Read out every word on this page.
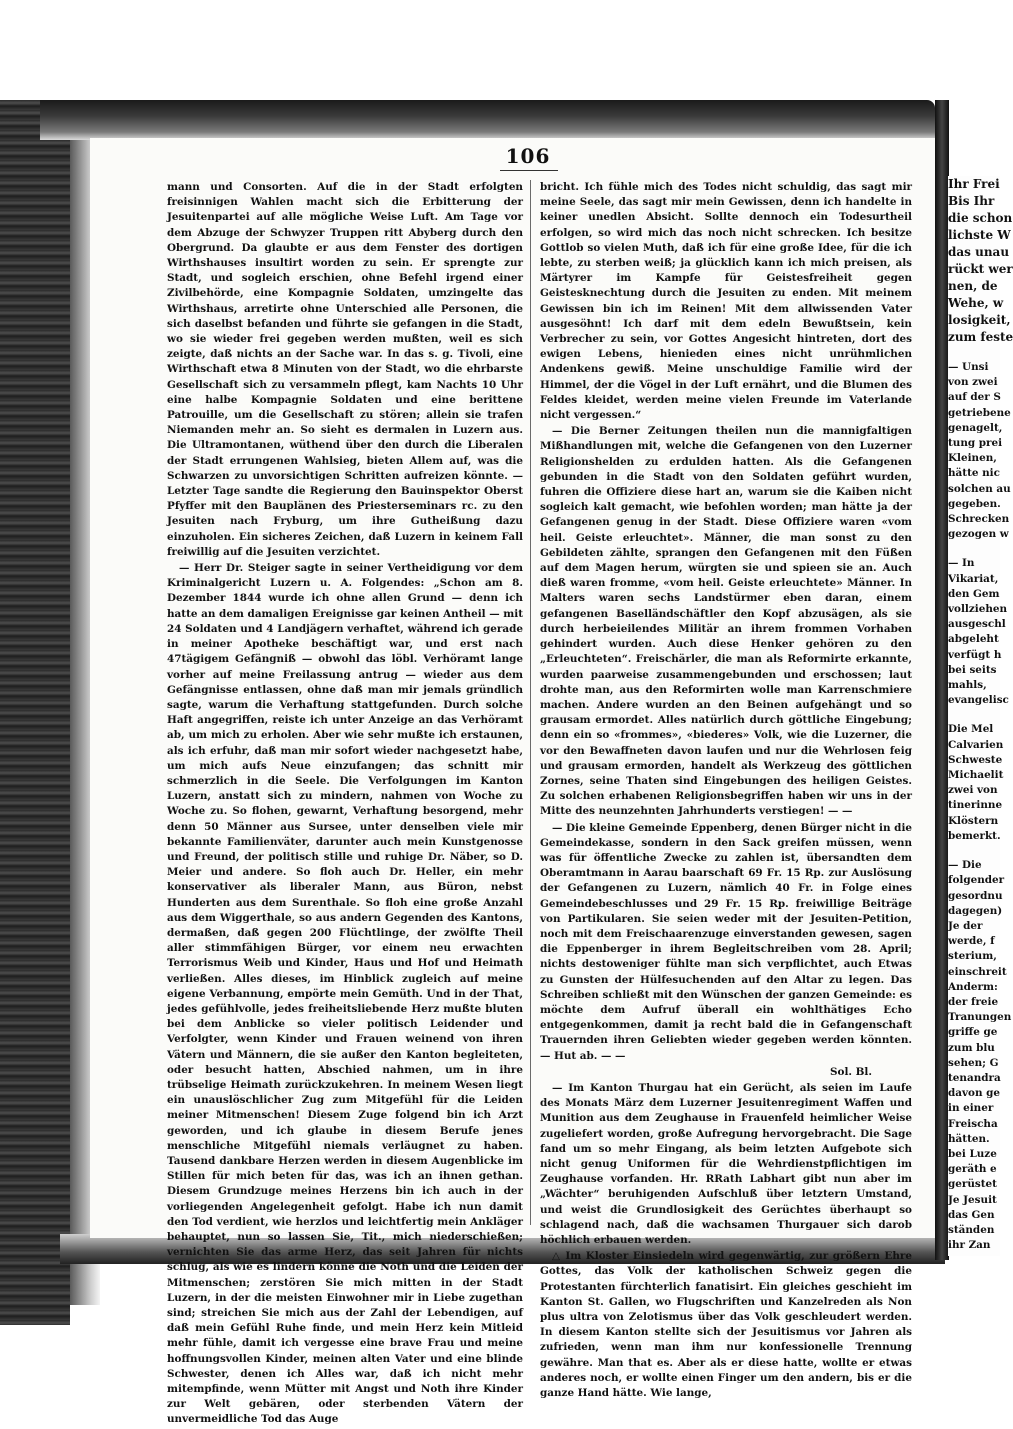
106

mann und Consorten. Auf die in der Stadt erfolgten freisinnigen Wahlen macht sich die Erbitterung der Jesuitenpartei auf alle mögliche Weise Luft. Am Tage vor dem Abzuge der Schwyzer Truppen ritt Abyberg durch den Obergrund. Da glaubte er aus dem Fenster des dortigen Wirthshauses insultirt worden zu sein. Er sprengte zur Stadt, und sogleich erschien, ohne Befehl irgend einer Zivilbehörde, eine Kompagnie Soldaten, umzingelte das Wirthshaus, arretirte ohne Unterschied alle Personen, die sich daselbst befanden und führte sie gefangen in die Stadt, wo sie wieder frei gegeben werden mußten, weil es sich zeigte, daß nichts an der Sache war. In das s. g. Tivoli, eine Wirthschaft etwa 8 Minuten von der Stadt, wo die ehrbarste Gesellschaft sich zu versammeln pflegt, kam Nachts 10 Uhr eine halbe Kompagnie Soldaten und eine berittene Patrouille, um die Gesellschaft zu stören; allein sie trafen Niemanden mehr an. So sieht es dermalen in Luzern aus. Die Ultramontanen, wüthend über den durch die Liberalen der Stadt errungenen Wahlsieg, bieten Allem auf, was die Schwarzen zu unvorsichtigen Schritten aufreizen könnte. — Letzter Tage sandte die Regierung den Bauinspektor Oberst Pfyffer mit den Bauplänen des Priesterseminars rc. zu den Jesuiten nach Fryburg, um ihre Gutheißung dazu einzuholen. Ein sicheres Zeichen, daß Luzern in keinem Fall freiwillig auf die Jesuiten verzichtet.

— Herr Dr. Steiger sagte in seiner Vertheidigung vor dem Kriminalgericht Luzern u. A. Folgendes: „Schon am 8. Dezember 1844 wurde ich ohne allen Grund — denn ich hatte an dem damaligen Ereignisse gar keinen Antheil — mit 24 Soldaten und 4 Landjägern verhaftet, während ich gerade in meiner Apotheke beschäftigt war, und erst nach 47tägigem Gefängniß — obwohl das löbl. Verhöramt lange vorher auf meine Freilassung antrug — wieder aus dem Gefängnisse entlassen, ohne daß man mir jemals gründlich sagte, warum die Verhaftung stattgefunden. Durch solche Haft angegriffen, reiste ich unter Anzeige an das Verhöramt ab, um mich zu erholen. Aber wie sehr mußte ich erstaunen, als ich erfuhr, daß man mir sofort wieder nachgesetzt habe, um mich aufs Neue einzufangen; das schnitt mir schmerzlich in die Seele. Die Verfolgungen im Kanton Luzern, anstatt sich zu mindern, nahmen von Woche zu Woche zu. So flohen, gewarnt, Verhaftung besorgend, mehr denn 50 Männer aus Sursee, unter denselben viele mir bekannte Familienväter, darunter auch mein Kunstgenosse und Freund, der politisch stille und ruhige Dr. Näber, so D. Meier und andere. So floh auch Dr. Heller, ein mehr konservativer als liberaler Mann, aus Büron, nebst Hunderten aus dem Surenthale. So floh eine große Anzahl aus dem Wiggerthale, so aus andern Gegenden des Kantons, dermaßen, daß gegen 200 Flüchtlinge, der zwölfte Theil aller stimmfähigen Bürger, vor einem neu erwachten Terrorismus Weib und Kinder, Haus und Hof und Heimath verließen. Alles dieses, im Hinblick zugleich auf meine eigene Verbannung, empörte mein Gemüth. Und in der That, jedes gefühlvolle, jedes freiheitsliebende Herz mußte bluten bei dem Anblicke so vieler politisch Leidender und Verfolgter, wenn Kinder und Frauen weinend von ihren Vätern und Männern, die sie außer den Kanton begleiteten, oder besucht hatten, Abschied nahmen, um in ihre trübselige Heimath zurückzukehren. In meinem Wesen liegt ein unauslöschlicher Zug zum Mitgefühl für die Leiden meiner Mitmenschen! Diesem Zuge folgend bin ich Arzt geworden, und ich glaube in diesem Berufe jenes menschliche Mitgefühl niemals verläugnet zu haben. Tausend dankbare Herzen werden in diesem Augenblicke im Stillen für mich beten für das, was ich an ihnen gethan. Diesem Grundzuge meines Herzens bin ich auch in der vorliegenden Angelegenheit gefolgt. Habe ich nun damit den Tod verdient, wie herzlos und leichtfertig mein Ankläger behauptet, nun so lassen Sie, Tit., mich niederschießen; vernichten Sie das arme Herz, das seit Jahren für nichts schlug, als wie es lindern könne die Noth und die Leiden der Mitmenschen; zerstören Sie mich mitten in der Stadt Luzern, in der die meisten Einwohner mir in Liebe zugethan sind; streichen Sie mich aus der Zahl der Lebendigen, auf daß mein Gefühl Ruhe finde, und mein Herz kein Mitleid mehr fühle, damit ich vergesse eine brave Frau und meine hoffnungsvollen Kinder, meinen alten Vater und eine blinde Schwester, denen ich Alles war, daß ich nicht mehr mitempfinde, wenn Mütter mit Angst und Noth ihre Kinder zur Welt gebären, oder sterbenden Vätern der unvermeidliche Tod das Auge

bricht. Ich fühle mich des Todes nicht schuldig, das sagt mir meine Seele, das sagt mir mein Gewissen, denn ich handelte in keiner unedlen Absicht. Sollte dennoch ein Todesurtheil erfolgen, so wird mich das noch nicht schrecken. Ich besitze Gottlob so vielen Muth, daß ich für eine große Idee, für die ich lebte, zu sterben weiß; ja glücklich kann ich mich preisen, als Märtyrer im Kampfe für Geistesfreiheit gegen Geistesknechtung durch die Jesuiten zu enden. Mit meinem Gewissen bin ich im Reinen! Mit dem allwissenden Vater ausgesöhnt! Ich darf mit dem edeln Bewußtsein, kein Verbrecher zu sein, vor Gottes Angesicht hintreten, dort des ewigen Lebens, hienieden eines nicht unrühmlichen Andenkens gewiß. Meine unschuldige Familie wird der Himmel, der die Vögel in der Luft ernährt, und die Blumen des Feldes kleidet, werden meine vielen Freunde im Vaterlande nicht vergessen.“

— Die Berner Zeitungen theilen nun die mannigfaltigen Mißhandlungen mit, welche die Gefangenen von den Luzerner Religionshelden zu erdulden hatten. Als die Gefangenen gebunden in die Stadt von den Soldaten geführt wurden, fuhren die Offiziere diese hart an, warum sie die Kaiben nicht sogleich kalt gemacht, wie befohlen worden; man hätte ja der Gefangenen genug in der Stadt. Diese Offiziere waren «vom heil. Geiste erleuchtet». Männer, die man sonst zu den Gebildeten zählte, sprangen den Gefangenen mit den Füßen auf dem Magen herum, würgten sie und spieen sie an. Auch dieß waren fromme, «vom heil. Geiste erleuchtete» Männer. In Malters waren sechs Landstürmer eben daran, einem gefangenen Baselländschäftler den Kopf abzusägen, als sie durch herbeieilendes Militär an ihrem frommen Vorhaben gehindert wurden. Auch diese Henker gehören zu den „Erleuchteten“. Freischärler, die man als Reformirte erkannte, wurden paarweise zusammengebunden und erschossen; laut drohte man, aus den Reformirten wolle man Karrenschmiere machen. Andere wurden an den Beinen aufgehängt und so grausam ermordet. Alles natürlich durch göttliche Eingebung; denn ein so «frommes», «biederes» Volk, wie die Luzerner, die vor den Bewaffneten davon laufen und nur die Wehrlosen feig und grausam ermorden, handelt als Werkzeug des göttlichen Zornes, seine Thaten sind Eingebungen des heiligen Geistes. Zu solchen erhabenen Religionsbegriffen haben wir uns in der Mitte des neunzehnten Jahrhunderts verstiegen! — —

— Die kleine Gemeinde Eppenberg, denen Bürger nicht in die Gemeindekasse, sondern in den Sack greifen müssen, wenn was für öffentliche Zwecke zu zahlen ist, übersandten dem Oberamtmann in Aarau baarschaft 69 Fr. 15 Rp. zur Auslösung der Gefangenen zu Luzern, nämlich 40 Fr. in Folge eines Gemeindebeschlusses und 29 Fr. 15 Rp. freiwillige Beiträge von Partikularen. Sie seien weder mit der Jesuiten-Petition, noch mit dem Freischaarenzuge einverstanden gewesen, sagen die Eppenberger in ihrem Begleitschreiben vom 28. April; nichts destoweniger fühlte man sich verpflichtet, auch Etwas zu Gunsten der Hülfesuchenden auf den Altar zu legen. Das Schreiben schließt mit den Wünschen der ganzen Gemeinde: es möchte dem Aufruf überall ein wohlthätiges Echo entgegenkommen, damit ja recht bald die in Gefangenschaft Trauernden ihren Geliebten wieder gegeben werden könnten. — Hut ab. — —

Sol. Bl.

— Im Kanton Thurgau hat ein Gerücht, als seien im Laufe des Monats März dem Luzerner Jesuitenregiment Waffen und Munition aus dem Zeughause in Frauenfeld heimlicher Weise zugeliefert worden, große Aufregung hervorgebracht. Die Sage fand um so mehr Eingang, als beim letzten Aufgebote sich nicht genug Uniformen für die Wehrdienstpflichtigen im Zeughause vorfanden. Hr. RRath Labhart gibt nun aber im „Wächter“ beruhigenden Aufschluß über letztern Umstand, und weist die Grundlosigkeit des Gerüchtes überhaupt so schlagend nach, daß die wachsamen Thurgauer sich darob höchlich erbauen werden.

△ Im Kloster Einsiedeln wird gegenwärtig, zur größern Ehre Gottes, das Volk der katholischen Schweiz gegen die Protestanten fürchterlich fanatisirt. Ein gleiches geschieht im Kanton St. Gallen, wo Flugschriften und Kanzelreden als Non plus ultra von Zelotismus über das Volk geschleudert werden. In diesem Kanton stellte sich der Jesuitismus vor Jahren als zufrieden, wenn man ihm nur konfessionelle Trennung gewähre. Man that es. Aber als er diese hatte, wollte er etwas anderes noch, er wollte einen Finger um den andern, bis er die ganze Hand hätte. Wie lange,

Ihr Frei
Bis Ihr
die schon
lichste W
das unau
rückt wer
nen, de
Wehe, w
losigkeit,
zum feste
— Unsi
von zwei
auf der S
getriebene
genagelt,
tung prei
Kleinen,
hätte nic
solchen au
gegeben.
Schrecken
gezogen w
— In
Vikariat,
den Gem
vollziehen
ausgeschl
abgeleht
verfügt h
bei seits
mahls,
evangelisc
Die Mel
Calvarien
Schweste
Michaelit
zwei von
tinerinne
Klöstern
bemerkt.
— Die
folgender
gesordnu
dagegen)
Je der
werde, f
sterium,
einschreit
Anderm:
der freie
Tranungen
griffe ge
zum blu
sehen; G
tenandra
davon ge
in einer
Freischa
hätten.
bei Luze
geräth e
gerüstet
Je Jesuit
das Gen
ständen
ihr Zan
